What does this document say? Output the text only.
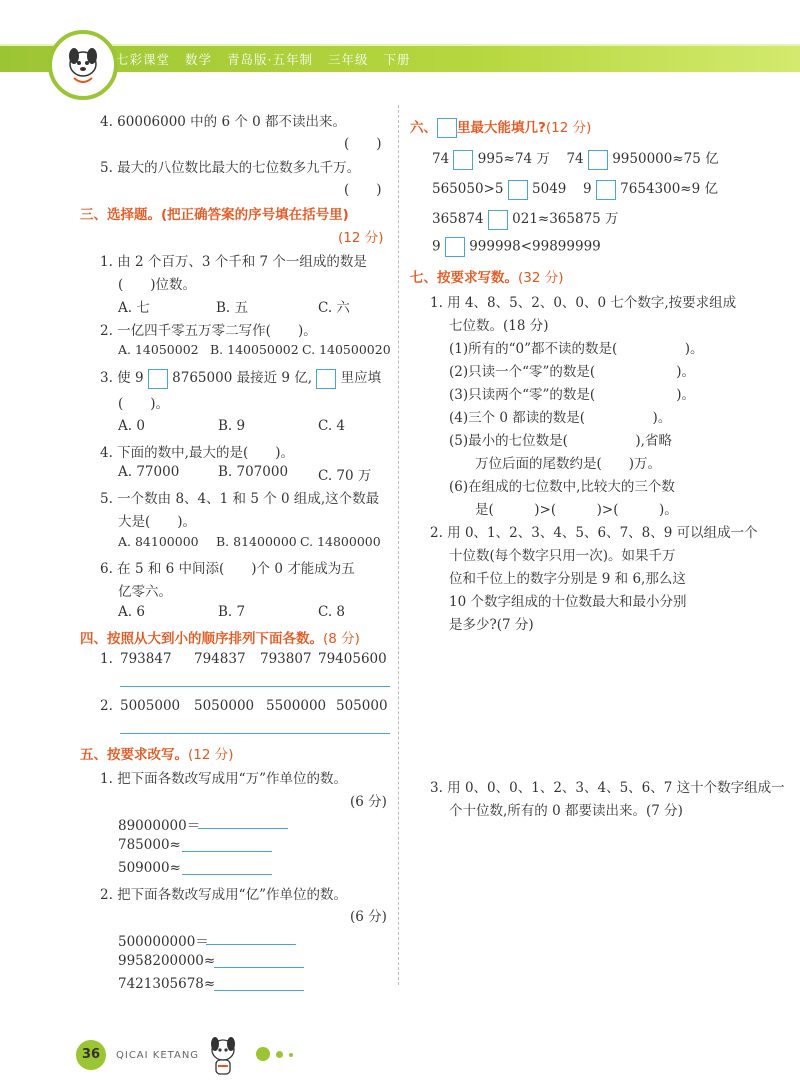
七彩课堂 数学 青岛版·五年制 三年级 下册
4. 60006000 中的 6 个 0 都不读出来。
(　　)
5. 最大的八位数比最大的七位数多九千万。
(　　)
三、选择题。(把正确答案的序号填在括号里)
(12 分)
1. 由 2 个百万、3 个千和 7 个一组成的数是
(　　)位数。
A. 七	B. 五	C. 六
2. 一亿四千零五万零二写作(　　)。
A. 14050002 B. 140050002 C. 140500020
3. 使 9 8765000 最接近 9 亿, 里应填
(　　)。
A. 0	B. 9	C. 4
4. 下面的数中,最大的是(　　)。
A. 77000	B. 707000 C. 70 万
5. 一个数由 8、4、1 和 5 个 0 组成,这个数最
大是(　　)。
A. 84100000 B. 81400000 C. 14800000
6. 在 5 和 6 中间添(　　)个 0 才能成为五
亿零六。
A. 6	B. 7	C. 8
四、按照从大到小的顺序排列下面各数。(8 分)
1. 793847 794837 793807 79405600
2. 5005000 5050000 5500000 505000
五、按要求改写。(12 分)
1. 把下面各数改写成用“万”作单位的数。
(6 分)
89000000＝
785000≈
509000≈
2. 把下面各数改写成用“亿”作单位的数。
(6 分)
500000000＝
9958200000≈
7421305678≈
六、 里最大能填几?(12 分)
74 995≈74 万 74 9950000≈75 亿
565050>5 5049 9 7654300≈9 亿
365874 021≈365875 万
9 999998<99899999
七、按要求写数。(32 分)
1. 用 4、8、5、2、0、0、0 七个数字,按要求组成
七位数。(18 分)
(1)所有的“0”都不读的数是(　　　　　)。
(2)只读一个“零”的数是(　　　　　　)。
(3)只读两个“零”的数是(　　　　　　)。
(4)三个 0 都读的数是(　　　　　)。
(5)最小的七位数是(　　　　　),省略
万位后面的尾数约是(　　)万。
(6)在组成的七位数中,比较大的三个数
是(　　　)>(　　　)>(　　　)。
2. 用 0、1、2、3、4、5、6、7、8、9 可以组成一个
十位数(每个数字只用一次)。如果千万
位和千位上的数字分别是 9 和 6,那么这
10 个数字组成的十位数最大和最小分别
是多少?(7 分)
3. 用 0、0、0、1、2、3、4、5、6、7 这十个数字组成一
个十位数,所有的 0 都要读出来。(7 分)
36	QICAI KETANG
